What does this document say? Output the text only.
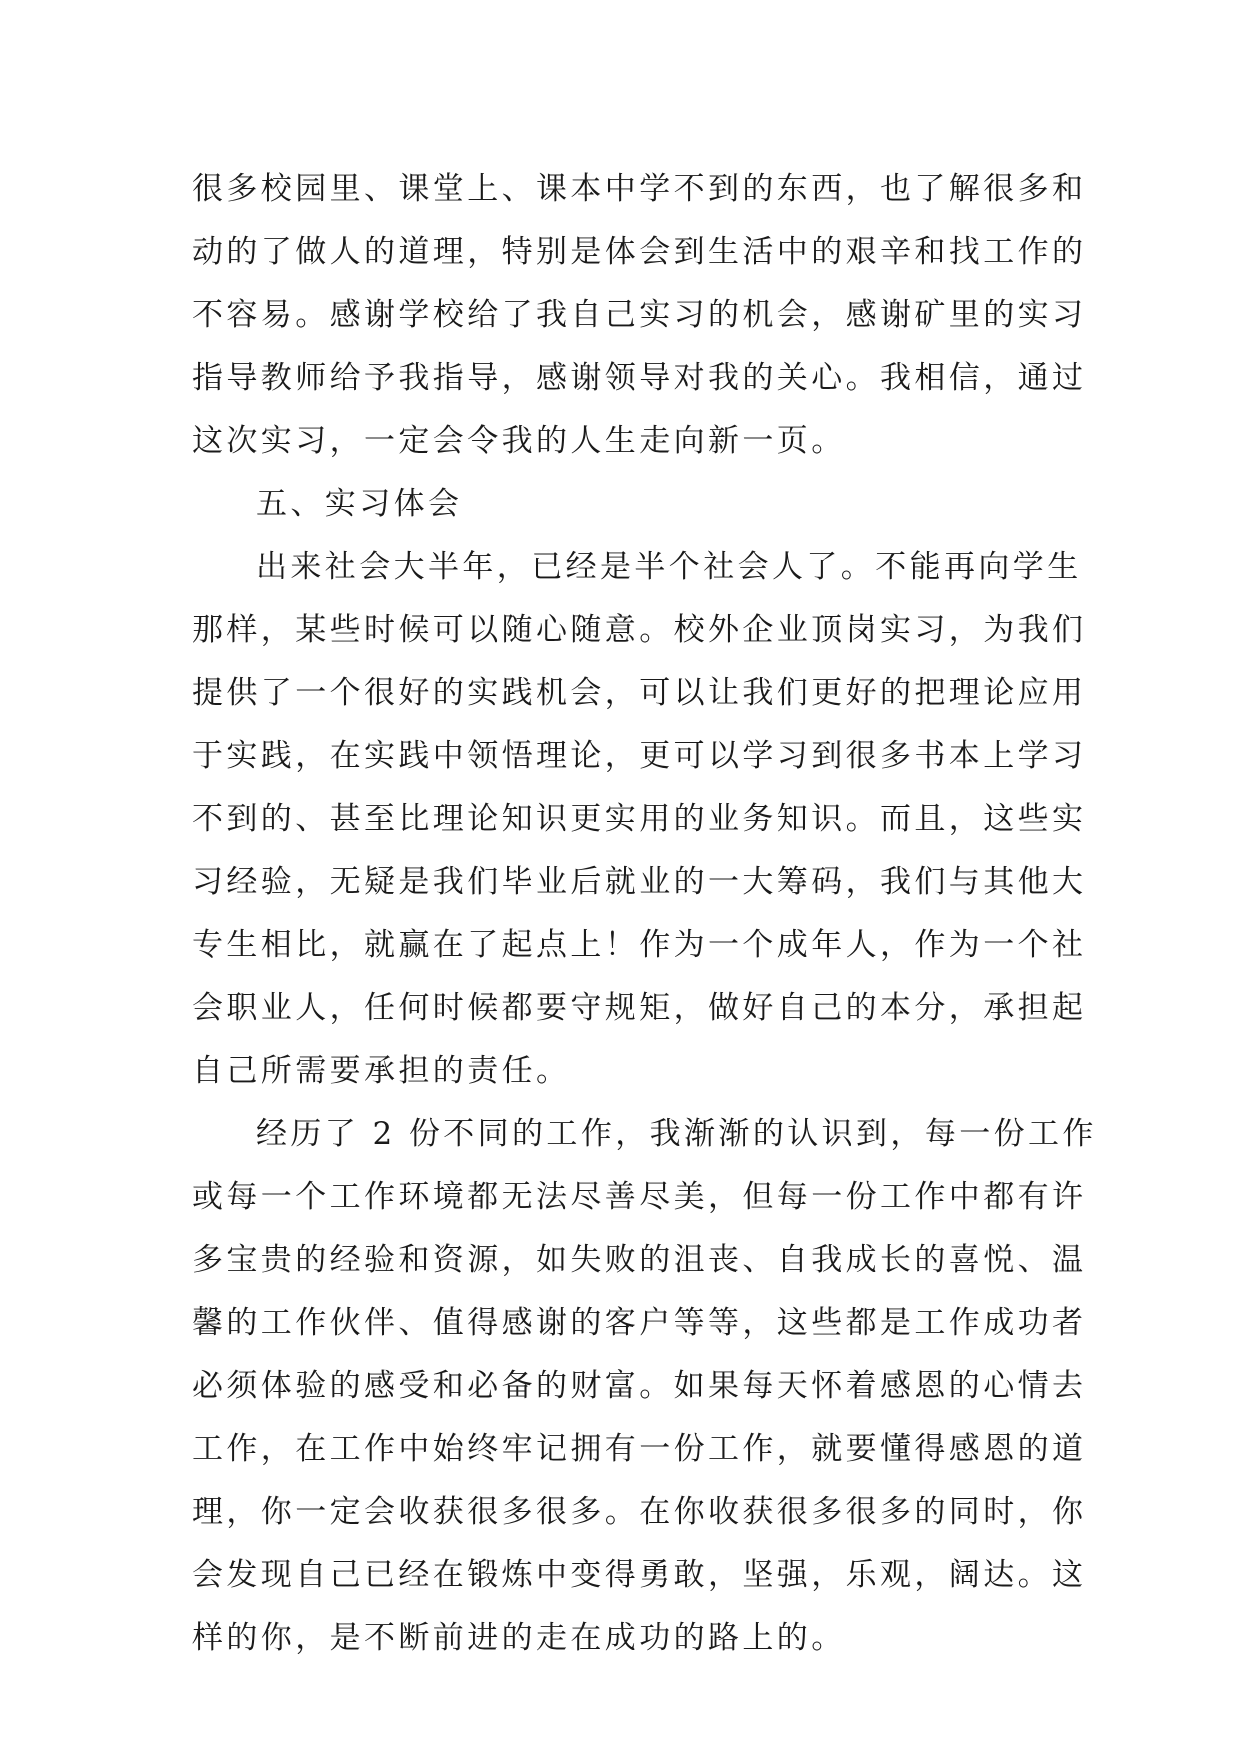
很多校园里、课堂上、课本中学不到的东西，也了解很多和
动的了做人的道理，特别是体会到生活中的艰辛和找工作的
不容易。感谢学校给了我自己实习的机会，感谢矿里的实习
指导教师给予我指导，感谢领导对我的关心。我相信，通过
这次实习，一定会令我的人生走向新一页。
五、实习体会
出来社会大半年，已经是半个社会人了。不能再向学生
那样，某些时候可以随心随意。校外企业顶岗实习，为我们
提供了一个很好的实践机会，可以让我们更好的把理论应用
于实践，在实践中领悟理论，更可以学习到很多书本上学习
不到的、甚至比理论知识更实用的业务知识。而且，这些实
习经验，无疑是我们毕业后就业的一大筹码，我们与其他大
专生相比，就赢在了起点上！作为一个成年人，作为一个社
会职业人，任何时候都要守规矩，做好自己的本分，承担起
自己所需要承担的责任。
经历了 2 份不同的工作，我渐渐的认识到，每一份工作
或每一个工作环境都无法尽善尽美，但每一份工作中都有许
多宝贵的经验和资源，如失败的沮丧、自我成长的喜悦、温
馨的工作伙伴、值得感谢的客户等等，这些都是工作成功者
必须体验的感受和必备的财富。如果每天怀着感恩的心情去
工作，在工作中始终牢记拥有一份工作，就要懂得感恩的道
理，你一定会收获很多很多。在你收获很多很多的同时，你
会发现自己已经在锻炼中变得勇敢，坚强，乐观，阔达。这
样的你，是不断前进的走在成功的路上的。
